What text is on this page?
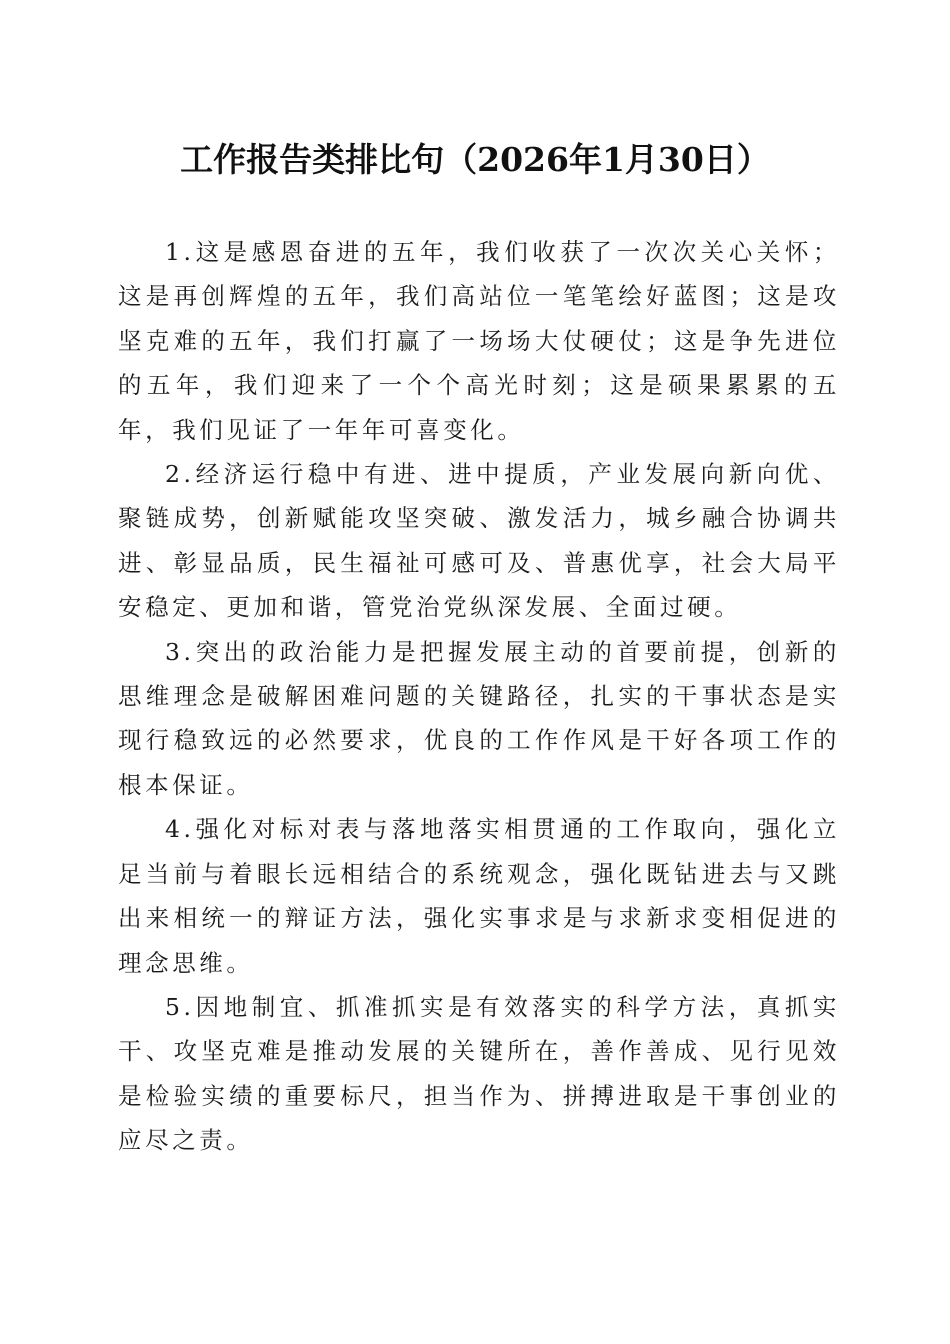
工作报告类排比句（2026年1月30日）

1.这是感恩奋进的五年，我们收获了一次次关心关怀；这是再创辉煌的五年，我们高站位一笔笔绘好蓝图；这是攻坚克难的五年，我们打赢了一场场大仗硬仗；这是争先进位的五年，我们迎来了一个个高光时刻；这是硕果累累的五年，我们见证了一年年可喜变化。

2.经济运行稳中有进、进中提质，产业发展向新向优、聚链成势，创新赋能攻坚突破、激发活力，城乡融合协调共进、彰显品质，民生福祉可感可及、普惠优享，社会大局平安稳定、更加和谐，管党治党纵深发展、全面过硬。

3.突出的政治能力是把握发展主动的首要前提，创新的思维理念是破解困难问题的关键路径，扎实的干事状态是实现行稳致远的必然要求，优良的工作作风是干好各项工作的根本保证。

4.强化对标对表与落地落实相贯通的工作取向，强化立足当前与着眼长远相结合的系统观念，强化既钻进去与又跳出来相统一的辩证方法，强化实事求是与求新求变相促进的理念思维。

5.因地制宜、抓准抓实是有效落实的科学方法，真抓实干、攻坚克难是推动发展的关键所在，善作善成、见行见效是检验实绩的重要标尺，担当作为、拼搏进取是干事创业的应尽之责。
